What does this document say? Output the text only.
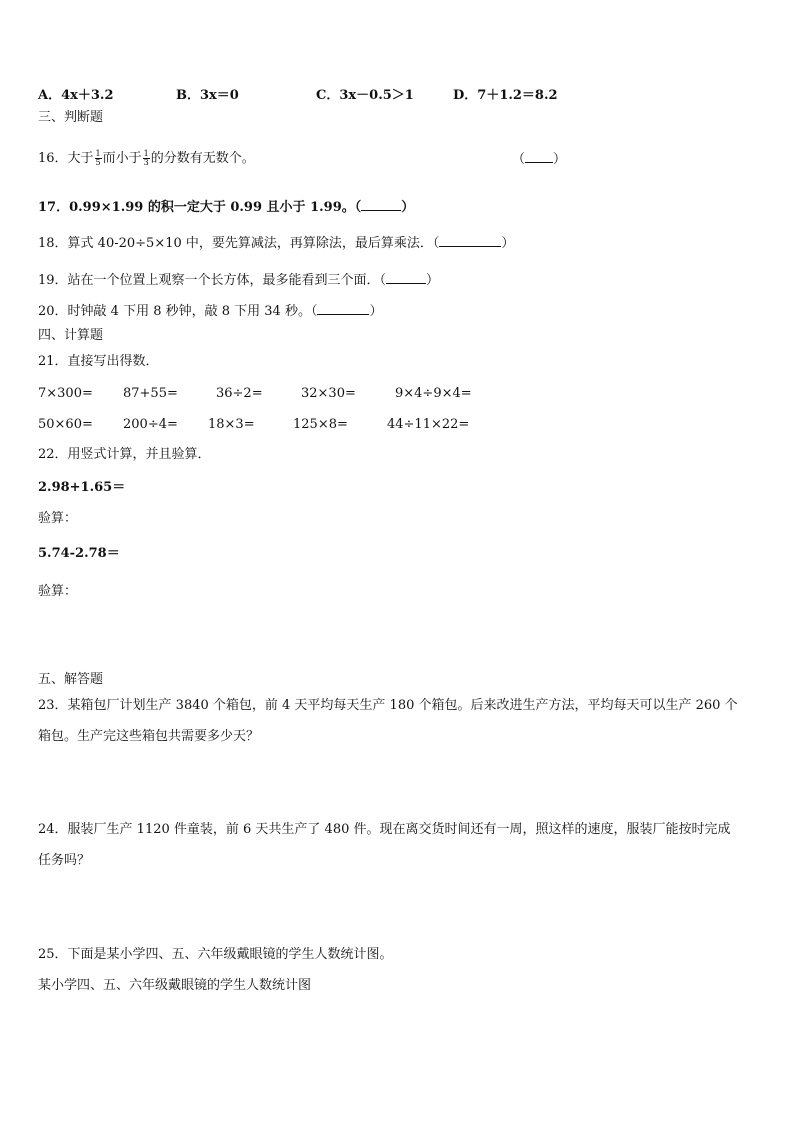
A．4x＋3.2	B．3x＝0	C．3x－0.5＞1	D．7＋1.2＝8.2
三、判断题
16．大于 $\frac{1}{5}$ 而小于 $\frac{1}{3}$ 的分数有无数个。	（ ）
17．0.99×1.99 的积一定大于 0.99 且小于 1.99。（	）
18．算式 40-20÷5×10 中，要先算减法，再算除法，最后算乘法．（	）
19．站在一个位置上观察一个长方体，最多能看到三个面．（	）
20．时钟敲 4 下用 8 秒钟，敲 8 下用 34 秒。（	）
四、计算题
21．直接写出得数．
7×300= 87+55=	36÷2=	32×30=	9×4÷9×4=
50×60= 200÷4= 18×3=	125×8=	44÷11×22=
22．用竖式计算，并且验算．
2.98+1.65＝
验算：
5.74-2.78＝
验算：
五、解答题
23．某箱包厂计划生产 3840 个箱包，前 4 天平均每天生产 180 个箱包。后来改进生产方法，平均每天可以生产 260 个
箱包。生产完这些箱包共需要多少天？
24．服装厂生产 1120 件童装，前 6 天共生产了 480 件。现在离交货时间还有一周，照这样的速度，服装厂能按时完成
任务吗？
25．下面是某小学四、五、六年级戴眼镜的学生人数统计图。
某小学四、五、六年级戴眼镜的学生人数统计图
